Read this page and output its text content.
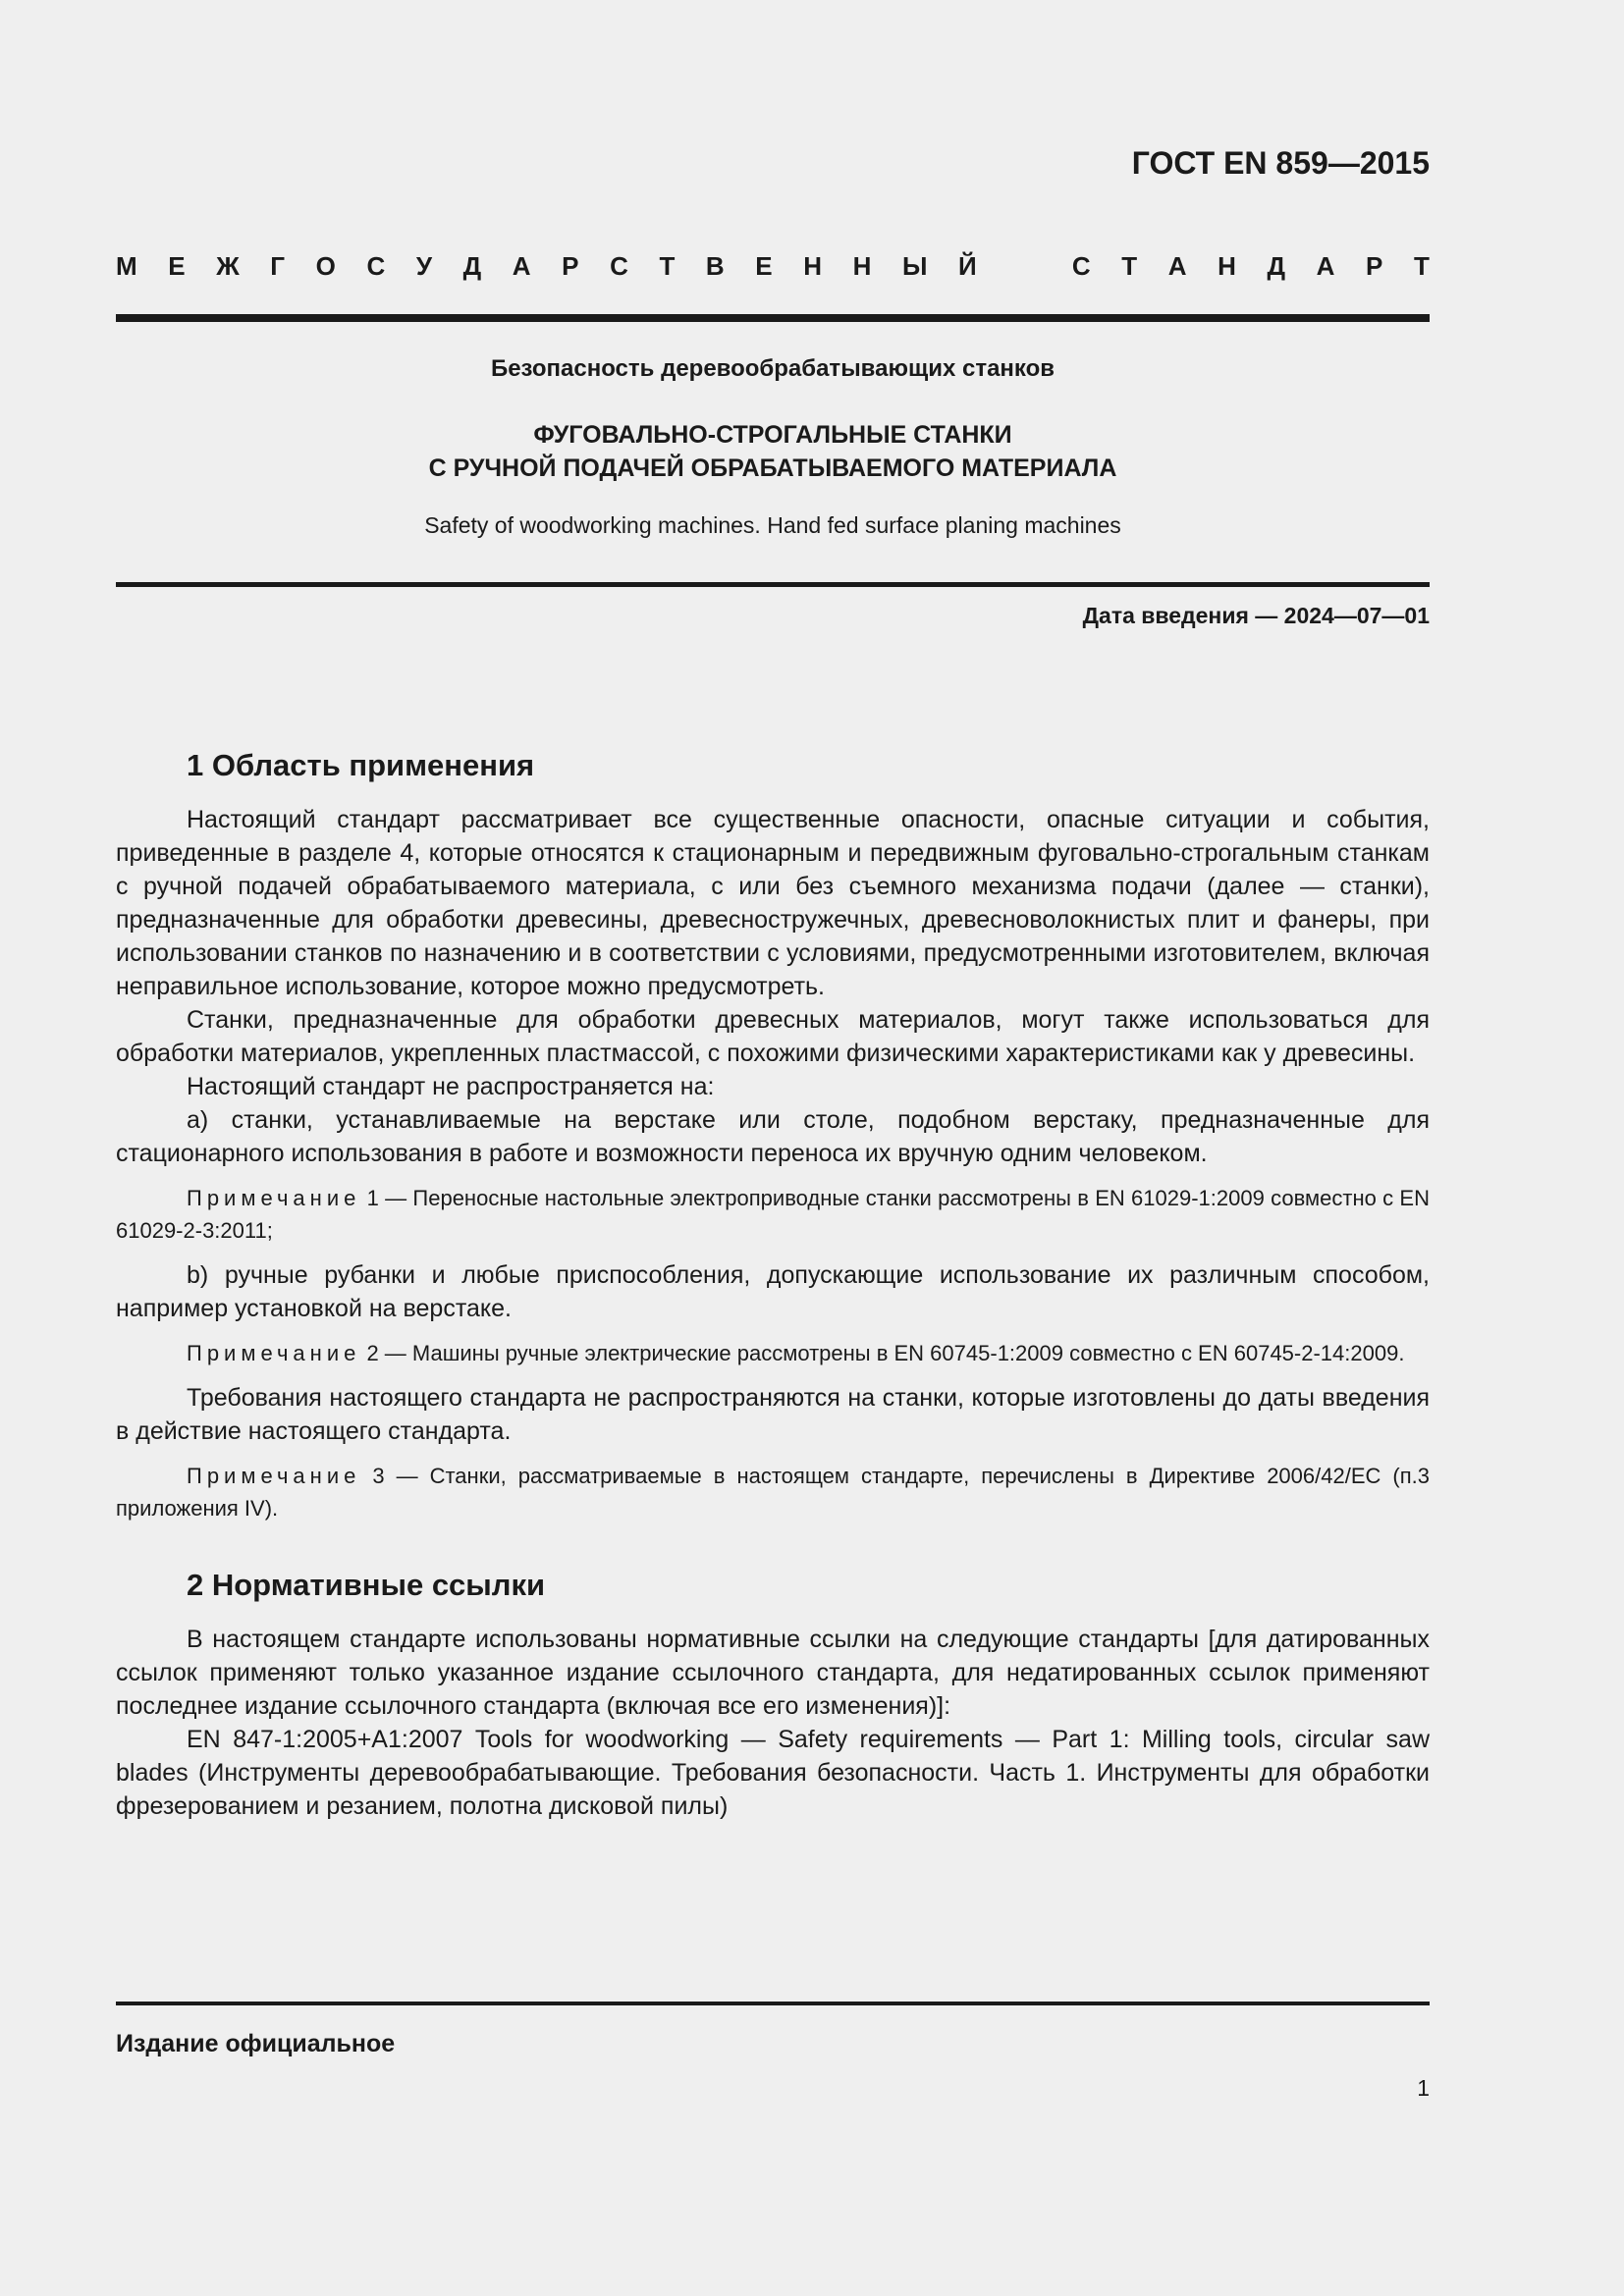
ГОСТ EN 859—2015
М Е Ж Г О С У Д А Р С Т В Е Н Н Ы Й	С Т А Н Д А Р Т
Безопасность деревообрабатывающих станков
ФУГОВАЛЬНО-СТРОГАЛЬНЫЕ СТАНКИ
С РУЧНОЙ ПОДАЧЕЙ ОБРАБАТЫВАЕМОГО МАТЕРИАЛА
Safety of woodworking machines. Hand fed surface planing machines
Дата введения — 2024—07—01
1 Область применения

Настоящий стандарт рассматривает все существенные опасности, опасные ситуации и события, приведенные в разделе 4, которые относятся к стационарным и передвижным фуговально-строгальным станкам с ручной подачей обрабатываемого материала, с или без съемного механизма подачи (далее — станки), предназначенные для обработки древесины, древесностружечных, древесноволокнистых плит и фанеры, при использовании станков по назначению и в соответствии с условиями, предусмотренными изготовителем, включая неправильное использование, которое можно предусмотреть.

Станки, предназначенные для обработки древесных материалов, могут также использоваться для обработки материалов, укрепленных пластмассой, с похожими физическими характеристиками как у древесины.

Настоящий стандарт не распространяется на:

а) станки, устанавливаемые на верстаке или столе, подобном верстаку, предназначенные для стационарного использования в работе и возможности переноса их вручную одним человеком.

Примечание 1 — Переносные настольные электроприводные станки рассмотрены в EN 61029-1:2009 совместно с EN 61029-2-3:2011;

b) ручные рубанки и любые приспособления, допускающие использование их различным способом, например установкой на верстаке.

Примечание 2 — Машины ручные электрические рассмотрены в EN 60745-1:2009 совместно с EN 60745-2-14:2009.

Требования настоящего стандарта не распространяются на станки, которые изготовлены до даты введения в действие настоящего стандарта.

Примечание 3 — Станки, рассматриваемые в настоящем стандарте, перечислены в Директиве 2006/42/ЕС (п.3 приложения IV).

2 Нормативные ссылки

В настоящем стандарте использованы нормативные ссылки на следующие стандарты [для датированных ссылок применяют только указанное издание ссылочного стандарта, для недатированных ссылок применяют последнее издание ссылочного стандарта (включая все его изменения)]:

EN 847-1:2005+А1:2007 Tools for woodworking — Safety requirements — Part 1: Milling tools, circular saw blades (Инструменты деревообрабатывающие. Требования безопасности. Часть 1. Инструменты для обработки фрезерованием и резанием, полотна дисковой пилы)

Издание официальное
1
